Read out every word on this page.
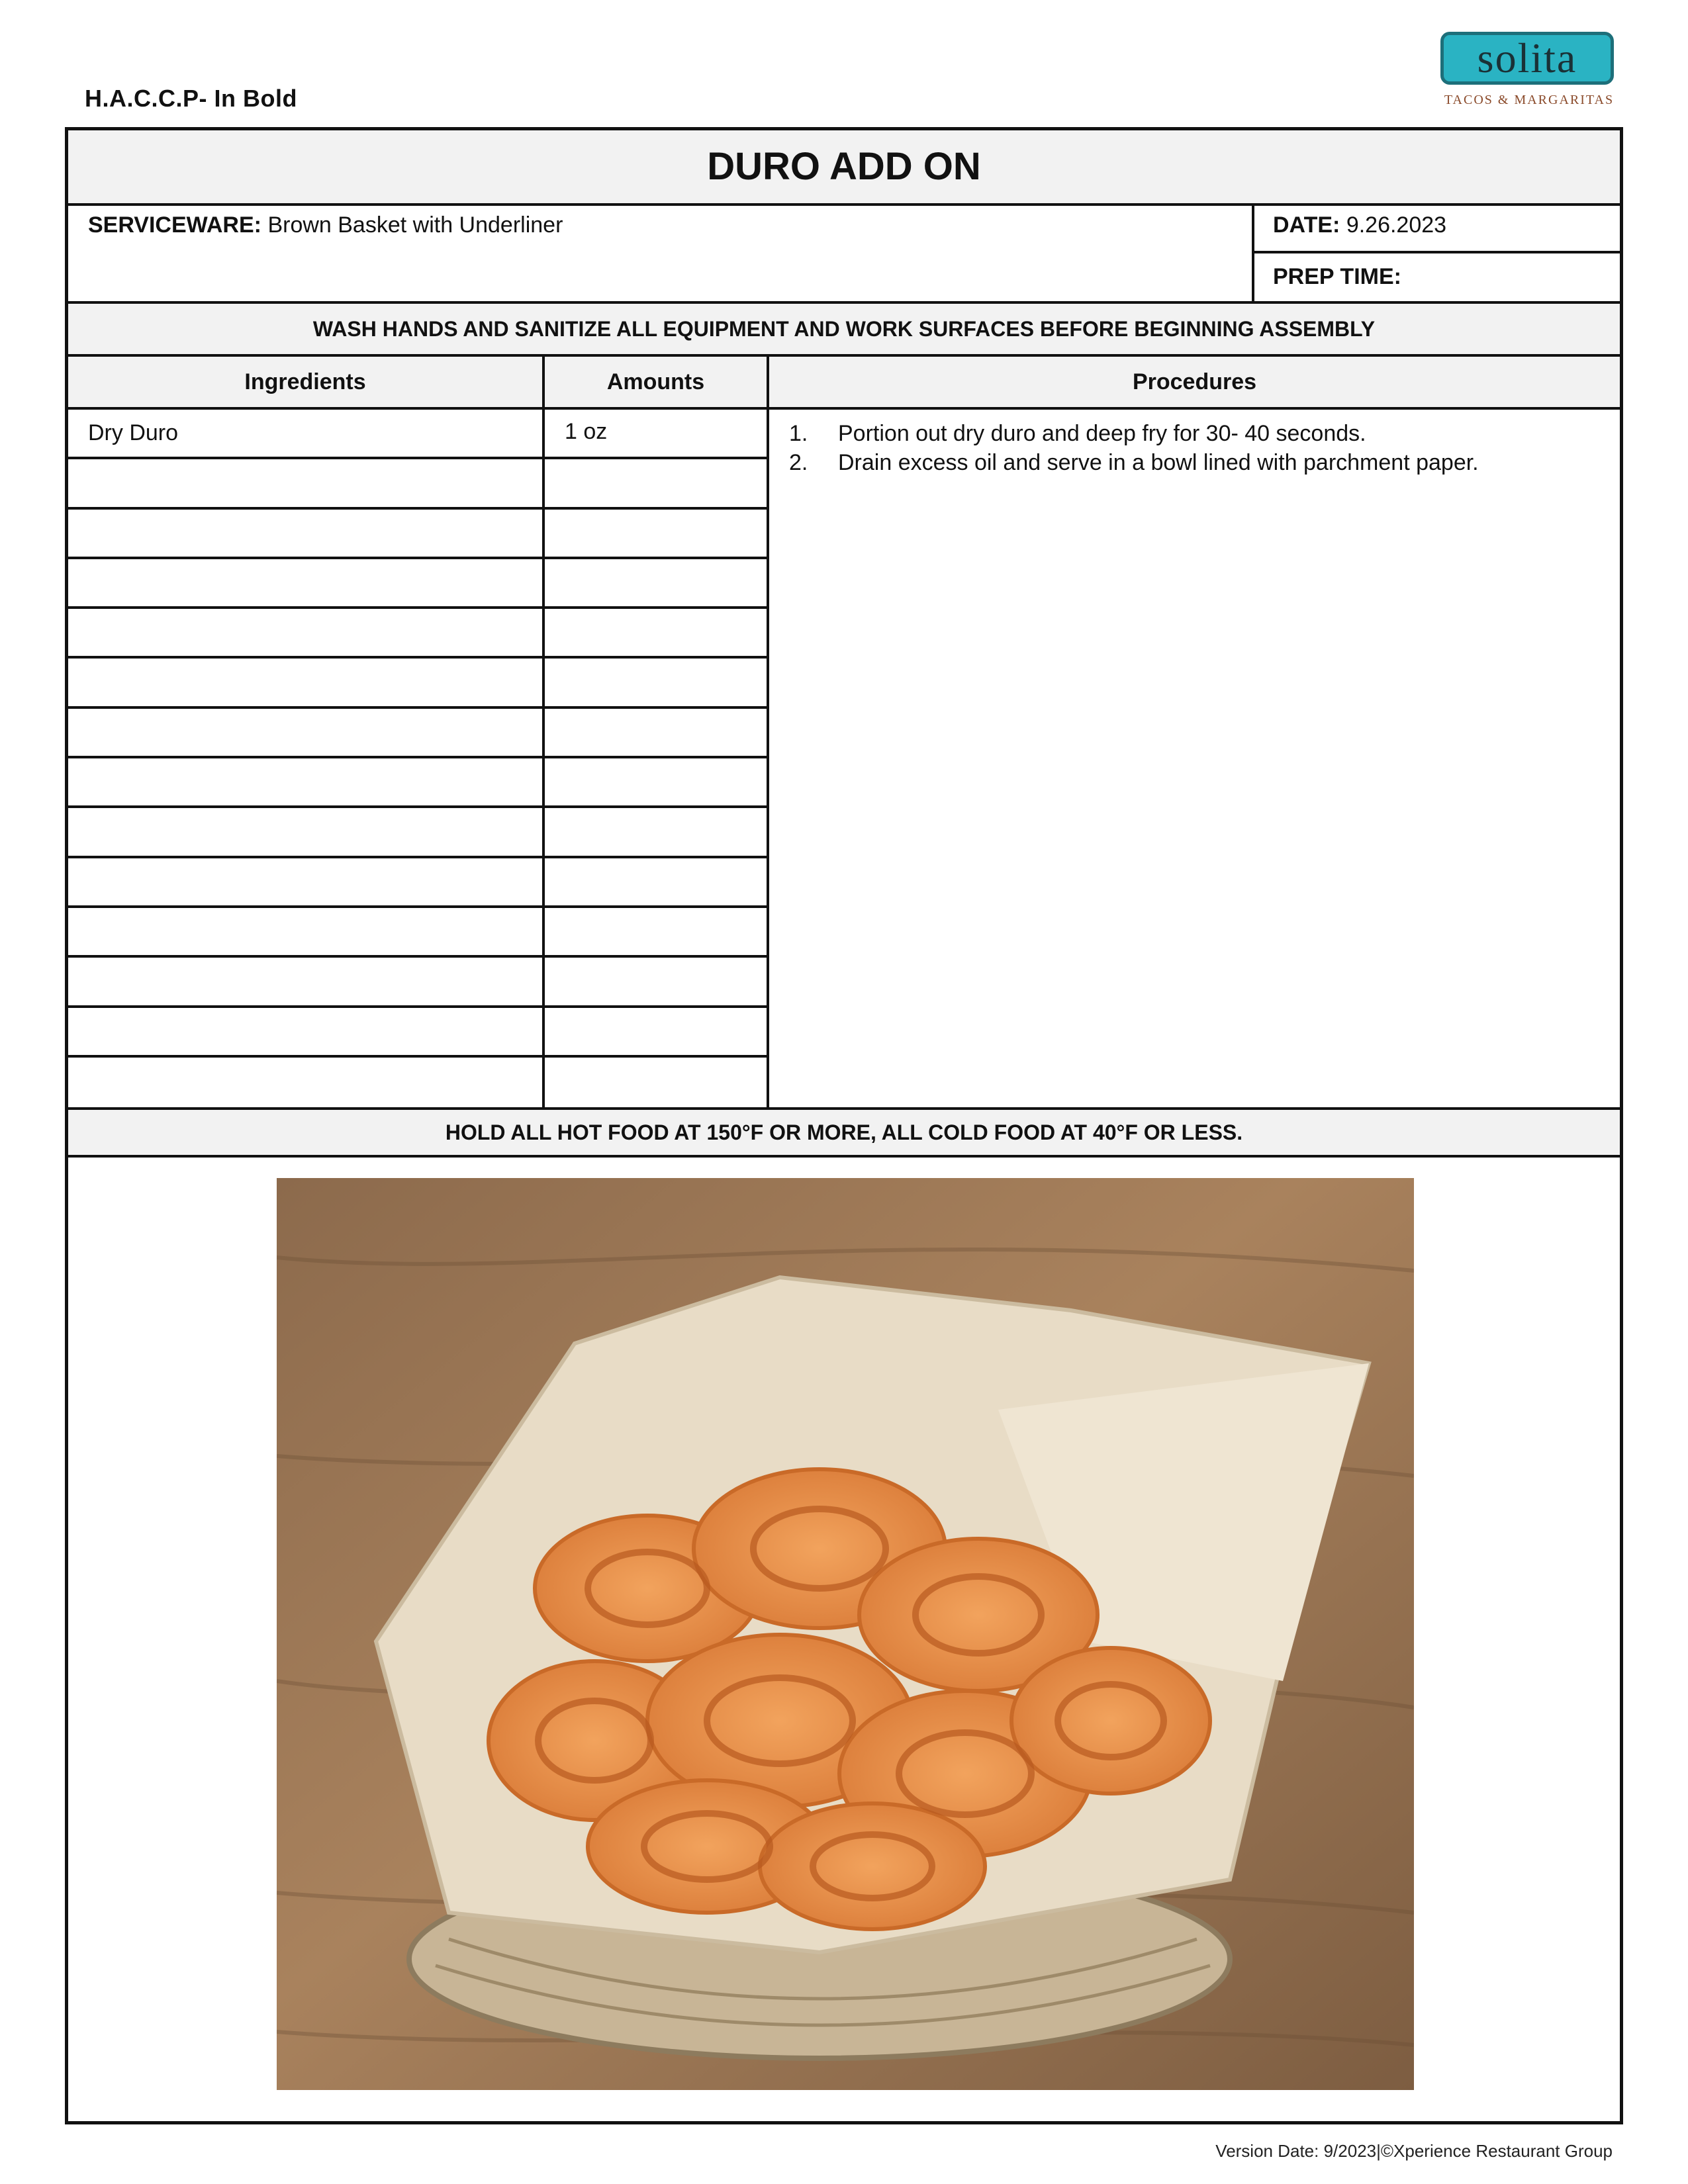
H.A.C.C.P- In Bold
solita
TACOS & MARGARITAS
DURO ADD ON
SERVICEWARE: Brown Basket with Underliner	DATE: 9.26.2023
PREP TIME:
WASH HANDS AND SANITIZE ALL EQUIPMENT AND WORK SURFACES BEFORE BEGINNING ASSEMBLY
Ingredients	Amounts	Procedures
Dry Duro	1 oz	1. Portion out dry duro and deep fry for 30- 40 seconds.
2. Drain excess oil and serve in a bowl lined with parchment paper.
HOLD ALL HOT FOOD AT 150°F OR MORE, ALL COLD FOOD AT 40°F OR LESS.
Version Date: 9/2023|©Xperience Restaurant Group
